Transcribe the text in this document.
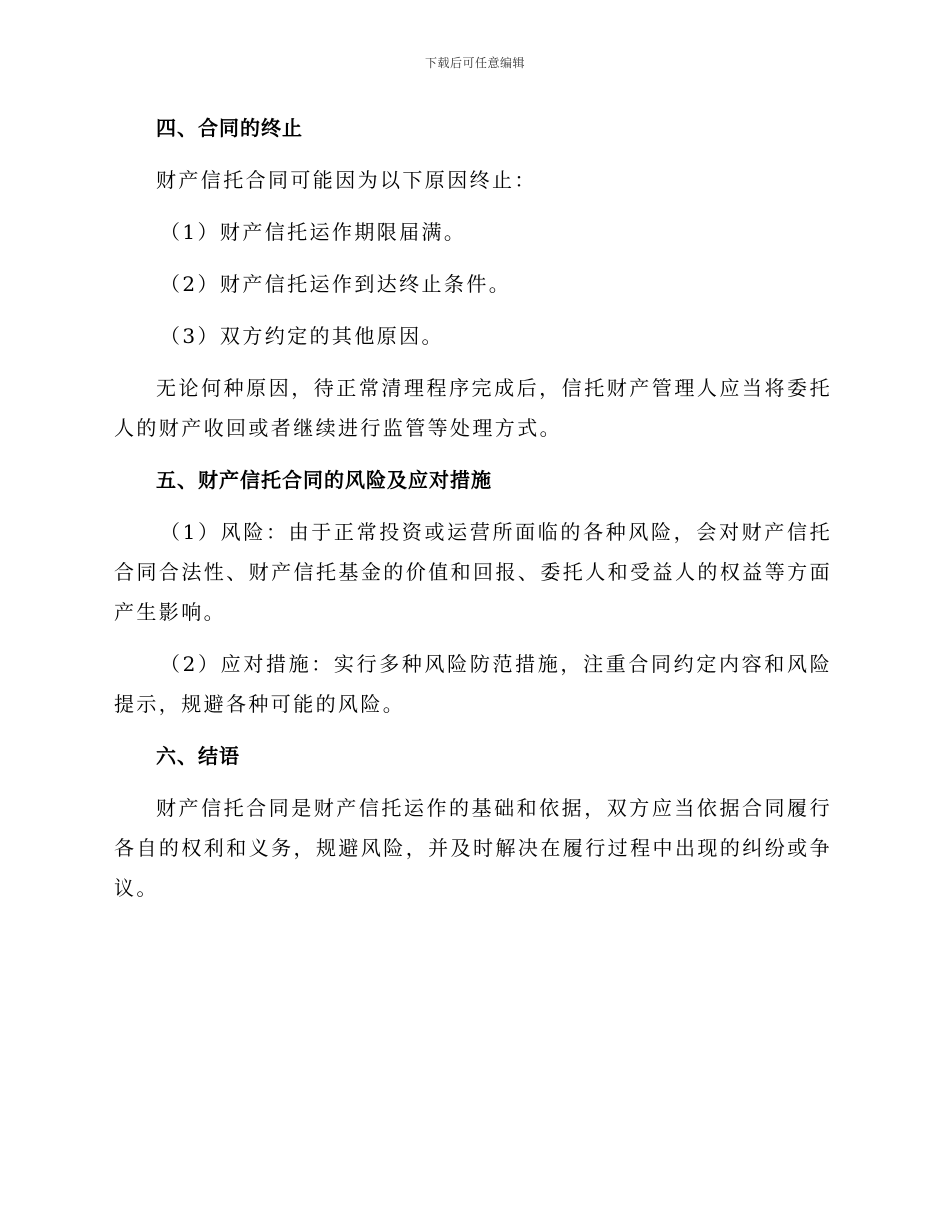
下载后可任意编辑
四、合同的终止

财产信托合同可能因为以下原因终止：

（1）财产信托运作期限届满。

（2）财产信托运作到达终止条件。

（3）双方约定的其他原因。

无论何种原因，待正常清理程序完成后，信托财产管理人应当将委托人的财产收回或者继续进行监管等处理方式。

五、财产信托合同的风险及应对措施

（1）风险：由于正常投资或运营所面临的各种风险，会对财产信托合同合法性、财产信托基金的价值和回报、委托人和受益人的权益等方面产生影响。

（2）应对措施：实行多种风险防范措施，注重合同约定内容和风险提示，规避各种可能的风险。

六、结语

财产信托合同是财产信托运作的基础和依据，双方应当依据合同履行各自的权利和义务，规避风险，并及时解决在履行过程中出现的纠纷或争议。
